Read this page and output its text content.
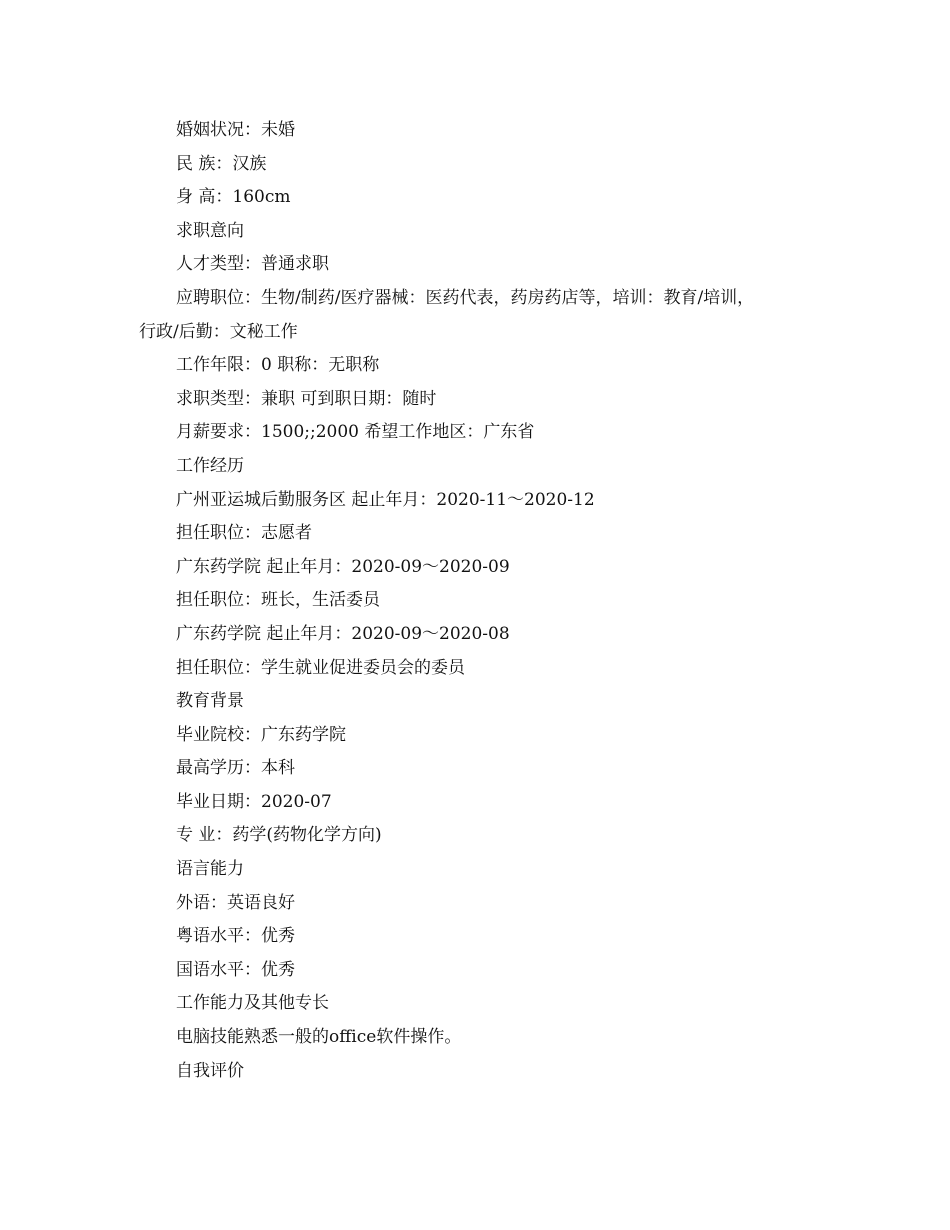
婚姻状况：未婚
民 族：汉族
身 高：160cm
求职意向
人才类型：普通求职
应聘职位：生物/制药/医疗器械：医药代表，药房药店等，培训：教育/培训，
行政/后勤：文秘工作
工作年限：0 职称：无职称
求职类型：兼职 可到职日期：随时
月薪要求：1500;;2000 希望工作地区：广东省
工作经历
广州亚运城后勤服务区 起止年月：2020-11～2020-12
担任职位：志愿者
广东药学院 起止年月：2020-09～2020-09
担任职位：班长，生活委员
广东药学院 起止年月：2020-09～2020-08
担任职位：学生就业促进委员会的委员
教育背景
毕业院校：广东药学院
最高学历：本科
毕业日期：2020-07
专 业：药学(药物化学方向)
语言能力
外语：英语良好
粤语水平：优秀
国语水平：优秀
工作能力及其他专长
电脑技能熟悉一般的office软件操作。
自我评价
